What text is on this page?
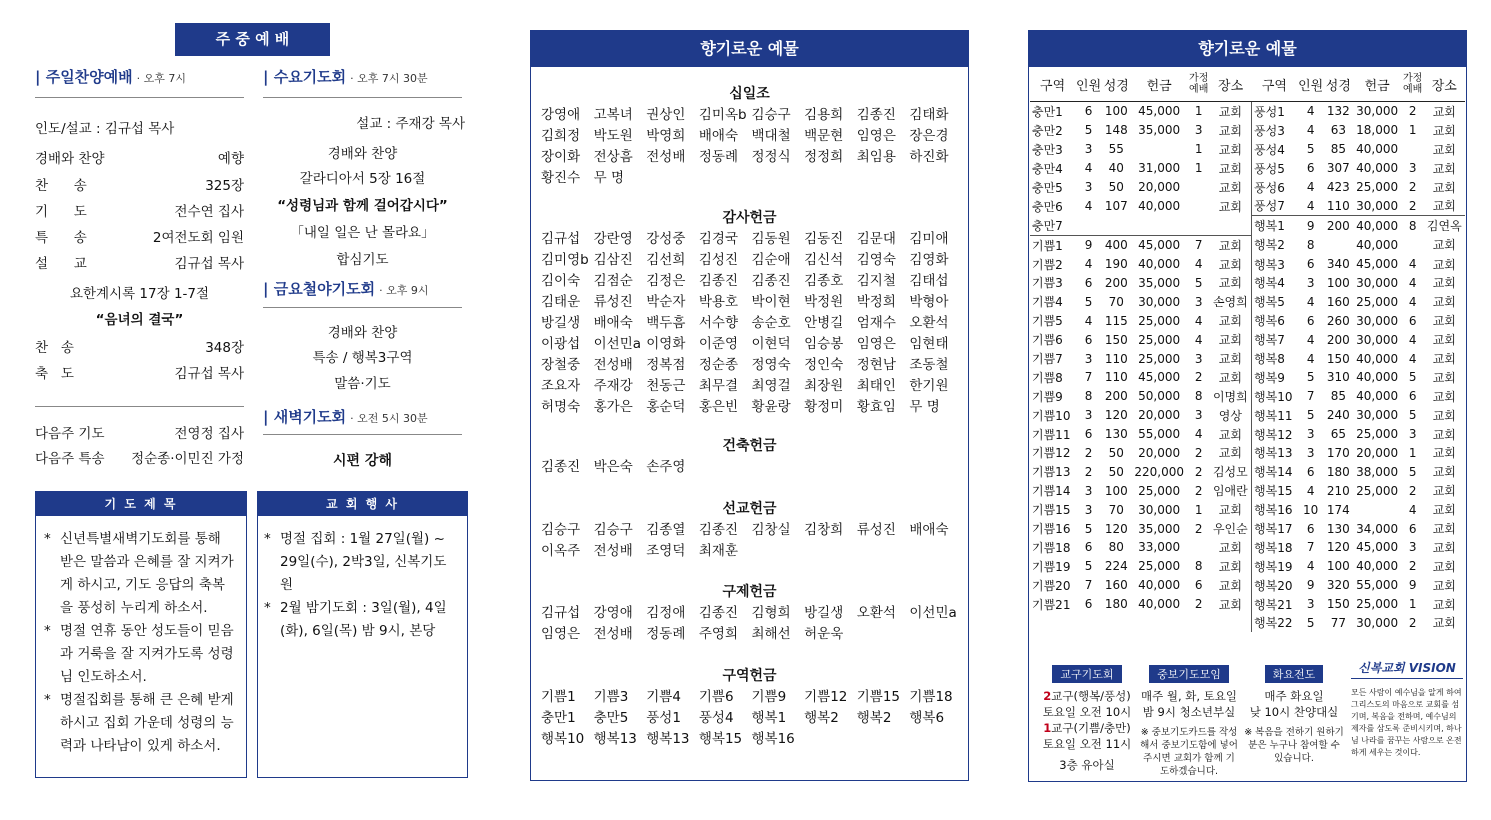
주 중 예 배
| 주일찬양예배 · 오후 7시
인도/설교 : 김규섭 목사
경배와 찬양	예향
찬      송	325장
기      도	전수연 집사
특      송	2여전도회 임원
설      교	김규섭 목사
요한계시록 17장 1-7절
“음녀의 결국”
찬   송	348장
축   도	김규섭 목사
다음주 기도	전영정 집사
다음주 특송 정순종·이민진 가정
| 수요기도회 · 오후 7시 30분
설교 : 주재강 목사
경배와 찬양
갈라디아서 5장 16절
“성령님과 함께 걸어갑시다”
「내일 일은 난 몰라요」
합심기도
| 금요철야기도회 · 오후 9시
경배와 찬양
특송 / 행복3구역
말씀·기도
| 새벽기도회 · 오전 5시 30분
시편 강해
기 도 제 목
* 신년특별새벽기도회를 통해 받은 말씀과 은혜를 잘 지켜가게 하시고, 기도 응답의 축복을 풍성히 누리게 하소서.
* 명절 연휴 동안 성도들이 믿음과 거룩을 잘 지켜가도록 성령님 인도하소서.
* 명절집회를 통해 큰 은혜 받게 하시고 집회 가운데 성령의 능력과 나타남이 있게 하소서.
교 회 행 사
* 명절 집회 : 1월 27일(월) ~ 29일(수), 2박3일, 신복기도원
* 2월 밤기도회 : 3일(월), 4일(화), 6일(목) 밤 9시, 본당
향기로운 예물
십일조
강영애	고복녀	권상인	김미옥b 김승구	김용희	김종진	김태화
김희정	박도원	박영희	배애숙	백대철	백문현	임영은	장은경
장이화	전상흠	전성배	정동례	정정식	정정희	최임용	하진화
황진수	무 명
감사헌금
김규섭	강란영	강성중	김경국	김동원	김동진	김문대	김미애
김미영b 김삼진	김선희	김성진	김순애	김신석	김영숙	김영화
김이숙	김점순	김정은	김종진	김종진	김종호	김지철	김태섭
김태운	류성진	박순자	박용호	박이현	박정원	박정희	박형아
방길생	배애숙	백두흠	서수향	송순호	안병길	엄재수	오환석
이광섭	이선민a 이영화	이준영	이현덕	임승봉	임영은	임현태
장철중	전성배	정복점	정순종	정영숙	정인숙	정현남	조동철
조요자	주재강	천동근	최무결	최영걸	최장원	최태인	한기원
허명숙	홍가은	홍순덕	홍은빈	황윤랑	황정미	황효임	무 명
건축헌금
김종진	박은숙	손주영
선교헌금
김승구	김승구	김종열	김종진	김창실	김창희	류성진	배애숙
이옥주	전성배	조영덕	최재훈
구제헌금
김규섭	강영애	김정애	김종진	김형희	방길생	오환석	이선민a
임영은	전성배	정동례	주영희	최해선	허운욱
구역헌금
기쁨1	기쁨3	기쁨4	기쁨6	기쁨9	기쁨12 기쁨15 기쁨18
충만1	충만5	풍성1	풍성4	행복1	행복2	행복2	행복6
행복10 행복13 행복13 행복15 행복16
향기로운 예물
구역	인원	성경	헌금	가정예배	장소	구역	인원	성경	헌금	가정예배	장소
충만1	6	100	45,000	1	교회	풍성1	4	132	30,000	2	교회
충만2	5	148	35,000	3	교회	풍성3	4	63	18,000	1	교회
충만3	3	55		1	교회	풍성4	5	85	40,000		교회
충만4	4	40	31,000	1	교회	풍성5	6	307	40,000	3	교회
충만5	3	50	20,000		교회	풍성6	4	423	25,000	2	교회
충만6	4	107	40,000		교회	풍성7	4	110	30,000	2	교회
충만7						행복1	9	200	40,000	8	김연옥
기쁨1	9	400	45,000	7	교회	행복2	8		40,000		교회
기쁨2	4	190	40,000	4	교회	행복3	6	340	45,000	4	교회
기쁨3	6	200	35,000	5	교회	행복4	3	100	30,000	4	교회
기쁨4	5	70	30,000	3	손영희	행복5	4	160	25,000	4	교회
기쁨5	4	115	25,000	4	교회	행복6	6	260	30,000	6	교회
기쁨6	6	150	25,000	4	교회	행복7	4	200	30,000	4	교회
기쁨7	3	110	25,000	3	교회	행복8	4	150	40,000	4	교회
기쁨8	7	110	45,000	2	교회	행복9	5	310	40,000	5	교회
기쁨9	8	200	50,000	8	이명희	행복10	7	85	40,000	6	교회
기쁨10	3	120	20,000	3	영상	행복11	5	240	30,000	5	교회
기쁨11	6	130	55,000	4	교회	행복12	3	65	25,000	3	교회
기쁨12	2	50	20,000	2	교회	행복13	3	170	20,000	1	교회
기쁨13	2	50	220,000	2	김성모	행복14	6	180	38,000	5	교회
기쁨14	3	100	25,000	2	임애란	행복15	4	210	25,000	2	교회
기쁨15	3	70	30,000	1	교회	행복16	10	174		4	교회
기쁨16	5	120	35,000	2	우인순	행복17	6	130	34,000	6	교회
기쁨18	6	80	33,000		교회	행복18	7	120	45,000	3	교회
기쁨19	5	224	25,000	8	교회	행복19	4	100	40,000	2	교회
기쁨20	7	160	40,000	6	교회	행복20	9	320	55,000	9	교회
기쁨21	6	180	40,000	2	교회	행복21	3	150	25,000	1	교회
						행복22	5	77	30,000	2	교회
교구기도회
2교구(행복/풍성)
토요일 오전 10시
1교구(기쁨/충만)
토요일 오전 11시
3층 유아실
중보기도모임
매주 월, 화, 토요일
밤 9시 청소년부실
※ 중보기도카드를 작성해서 중보기도함에 넣어주시면 교회가 함께 기도하겠습니다.
화요전도
매주 화요일
낮 10시 찬양대실
※ 복음을 전하기 원하기 분은 누구나 참여할 수 있습니다.
신복교회 VISION
모든 사람이 예수님을 알게 하여 그리스도의 마음으로 교회를 섬기며, 복음을 전하며, 예수님의 제자를 삼도록 준비시키며, 하나님 나라를 꿈꾸는 사람으로 온전하게 세우는 것이다.
